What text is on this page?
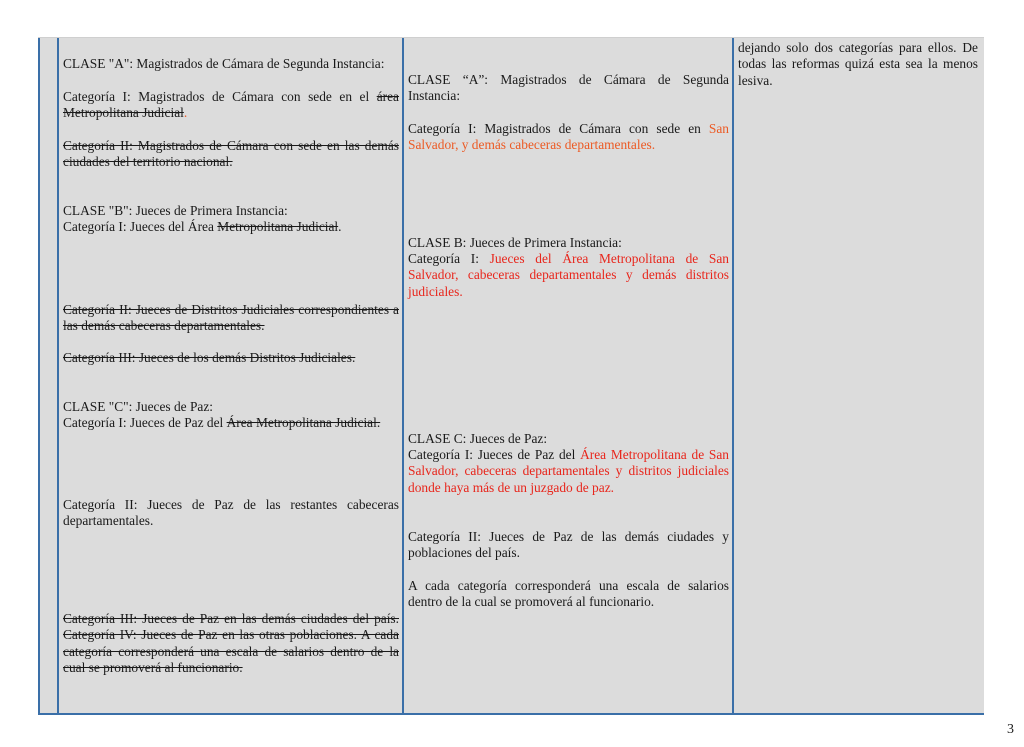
CLASE "A": Magistrados de Cámara de Segunda Instancia:

Categoría I: Magistrados de Cámara con sede en el área Metropolitana Judicial.

Categoría II: Magistrados de Cámara con sede en las demás ciudades del territorio nacional.

CLASE "B": Jueces de Primera Instancia:

Categoría I: Jueces del Área Metropolitana Judicial.

Categoría II: Jueces de Distritos Judiciales correspondientes a las demás cabeceras departamentales.

Categoría III: Jueces de los demás Distritos Judiciales.

CLASE "C": Jueces de Paz:

Categoría I: Jueces de Paz del Área Metropolitana Judicial.

Categoría II: Jueces de Paz de las restantes cabeceras departamentales.

Categoría III: Jueces de Paz en las demás ciudades del país. Categoría IV: Jueces de Paz en las otras poblaciones. A cada categoría corresponderá una escala de salarios dentro de la cual se promoverá al funcionario.

CLASE “A”: Magistrados de Cámara de Segunda Instancia:

Categoría I: Magistrados de Cámara con sede en San Salvador, y demás cabeceras departamentales.

CLASE B: Jueces de Primera Instancia:

Categoría I: Jueces del Área Metropolitana de San Salvador, cabeceras departamentales y demás distritos judiciales.

CLASE C: Jueces de Paz:

Categoría I: Jueces de Paz del Área Metropolitana de San Salvador, cabeceras departamentales y distritos judiciales donde haya más de un juzgado de paz.

Categoría II: Jueces de Paz de las demás ciudades y poblaciones del país.

A cada categoría corresponderá una escala de salarios dentro de la cual se promoverá al funcionario.

dejando solo dos categorías para ellos. De todas las reformas quizá esta sea la menos lesiva.

3
